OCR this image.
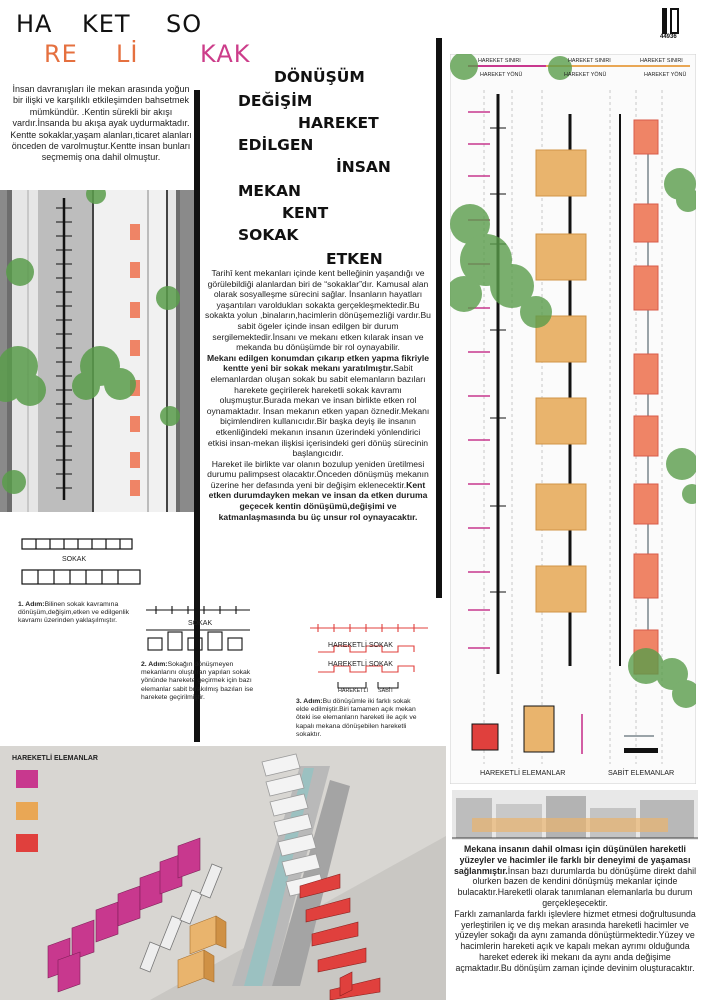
HA KET SO
RE Lİ	KAK
44936
İnsan davranışları ile mekan arasında yoğun bir ilişki ve karşılıklı etkileşimden bahsetmek mümkündür. .Kentin sürekli bir akışı vardır.İnsanda bu akışa ayak uydurmaktadır. Kentte sokaklar,yaşam alanları,ticaret alanları önceden de varolmuştur.Kentte insan bunları seçmemiş ona dahil olmuştur.
DÖNÜŞÜM
DEĞİŞİM
HAREKET
EDİLGEN
İNSAN
MEKAN
KENT
SOKAK
ETKEN
Tarihî kent mekanları içinde kent belleğinin yaşandığı ve görülebildiği alanlardan biri de “sokaklar”dır. Kamusal alan olarak sosyalleşme sürecini sağlar. İnsanların hayatları yaşantıları varoldukları sokakta gerçekleşmektedir.Bu sokakta yolun ,binaların,hacimlerin dönüşemezliği vardır.Bu sabit ögeler içinde insan edilgen bir durum sergilemektedir.İnsanı ve mekanı etken kılarak insan ve mekanda bu dönüşümde bir rol oynayabilir.
Mekanı edilgen konumdan çıkarıp etken yapma fikriyle kentte yeni bir sokak mekanı yaratılmıştır.Sabit elemanlardan oluşan sokak bu sabit elemanların bazıları harekete geçirilerek hareketli sokak kavramı oluşmuştur.Burada mekan ve insan birlikte etken rol oynamaktadır. İnsan mekanın etken yapan öznedir.Mekanı biçimlendiren kullanıcıdır.Bir başka deyiş ile insanın etkenliğindeki mekanın insanın üzerindeki yönlendirici etkisi insan-mekan ilişkisi içerisindeki geri dönüş sürecinin başlangıcıdır.
Hareket ile birlikte var olanın bozulup yeniden üretilmesi durumu palimpsest olacaktır.Önceden dönüşmüş mekanın üzerine her defasında yeni bir değişim eklenecektir.Kent etken durumdayken mekan ve insan da etken duruma geçecek kentin dönüşümü,değişimi ve katmanlaşmasında bu üç unsur rol oynayacaktır.
SOKAK
1. Adım:Bilinen sokak kavramına dönüşüm,değişim,etken ve edilgenlik kavramı üzerinden yaklaşılmıştır.	SOKAK
2. Adım:Sokağın dönüşmeyen mekanlarını oluşturan yapıları sokak yönünde harekete geçirmek için bazı elemanlar sabit bırakılmış bazıları ise harekete geçirilmiştir.
HAREKETLİ SOKAK
HAREKETLİ SOKAK
HAREKETLİ SABİT
3. Adım:Bu dönüşümle iki farklı sokak elde edilmiştir.Biri tamamen açık mekan öteki ise elemanların hareketi ile açık ve kapalı mekana dönüşebilen hareketli sokaktır.
HAREKET SINIRI
HAREKET YÖNÜ
HAREKET SINIRI
HAREKET YÖNÜ
HAREKET SINIRI
HAREKET YÖNÜ
HAREKETLİ ELEMANLAR	SABİT ELEMANLAR
HAREKETLİ ELEMANLAR
Mekana insanın dahil olması için düşünülen hareketli yüzeyler ve hacimler ile farklı bir deneyimi de yaşaması sağlanmıştır.İnsan bazı durumlarda bu dönüşüme direkt dahil olurken bazen de kendini dönüşmüş mekanlar içinde bulacaktır.Hareketli olarak tanımlanan elemanlarla bu durum gerçekleşecektir.
Farklı zamanlarda farklı işlevlere hizmet etmesi doğrultusunda yerleştirilen iç ve dış mekan arasında hareketli hacimler ve yüzeyler sokağı da aynı zamanda dönüştürmektedir.Yüzey ve hacimlerin hareketi açık ve kapalı mekan ayrımı olduğunda hareket ederek iki mekanı da aynı anda değişime açmaktadır.Bu dönüşüm zaman içinde devinim oluşturacaktır.
